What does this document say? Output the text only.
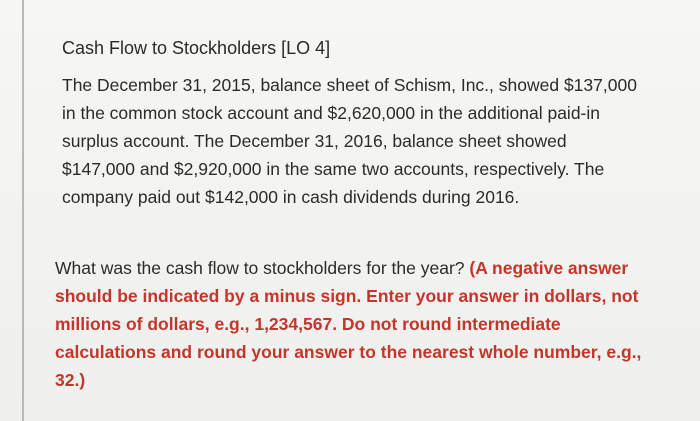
Cash Flow to Stockholders [LO 4]
The December 31, 2015, balance sheet of Schism, Inc., showed $137,000 in the common stock account and $2,620,000 in the additional paid-in surplus account. The December 31, 2016, balance sheet showed $147,000 and $2,920,000 in the same two accounts, respectively. The company paid out $142,000 in cash dividends during 2016.
What was the cash flow to stockholders for the year? (A negative answer should be indicated by a minus sign. Enter your answer in dollars, not millions of dollars, e.g., 1,234,567. Do not round intermediate calculations and round your answer to the nearest whole number, e.g., 32.)
